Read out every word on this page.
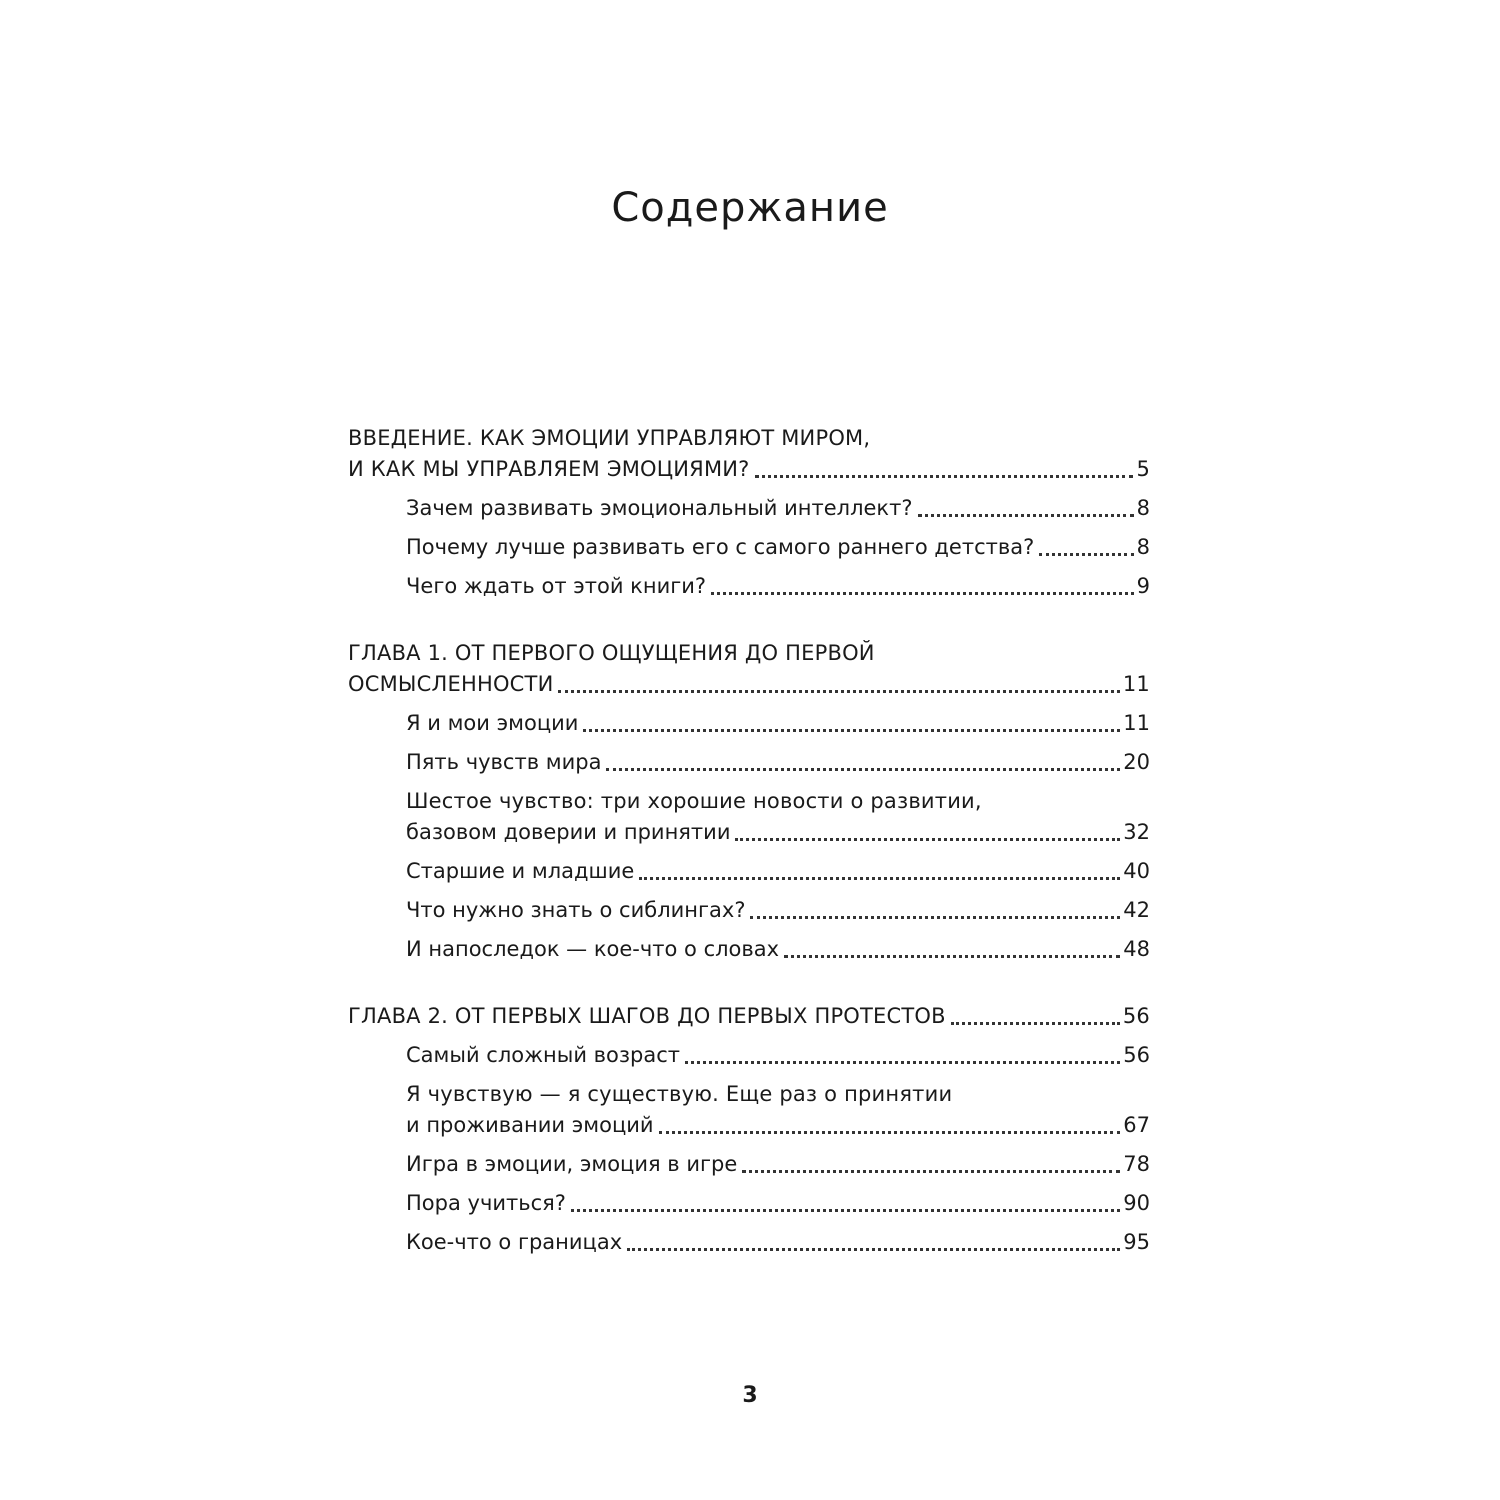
Содержание
ВВЕДЕНИЕ. КАК ЭМОЦИИ УПРАВЛЯЮТ МИРОМ,
И КАК МЫ УПРАВЛЯЕМ ЭМОЦИЯМИ?	5
Зачем развивать эмоциональный интеллект?	8
Почему лучше развивать его с самого раннего детства?	8
Чего ждать от этой книги?	9
ГЛАВА 1. ОТ ПЕРВОГО ОЩУЩЕНИЯ ДО ПЕРВОЙ
ОСМЫСЛЕННОСТИ	11
Я и мои эмоции	11
Пять чувств мира	20
Шестое чувство: три хорошие новости о развитии,
базовом доверии и принятии	32
Старшие и младшие	40
Что нужно знать о сиблингах?	42
И напоследок — кое-что о словах	48
ГЛАВА 2. ОТ ПЕРВЫХ ШАГОВ ДО ПЕРВЫХ ПРОТЕСТОВ	56
Самый сложный возраст	56
Я чувствую — я существую. Еще раз о принятии
и проживании эмоций	67
Игра в эмоции, эмоция в игре	78
Пора учиться?	90
Кое-что о границах	95
3
